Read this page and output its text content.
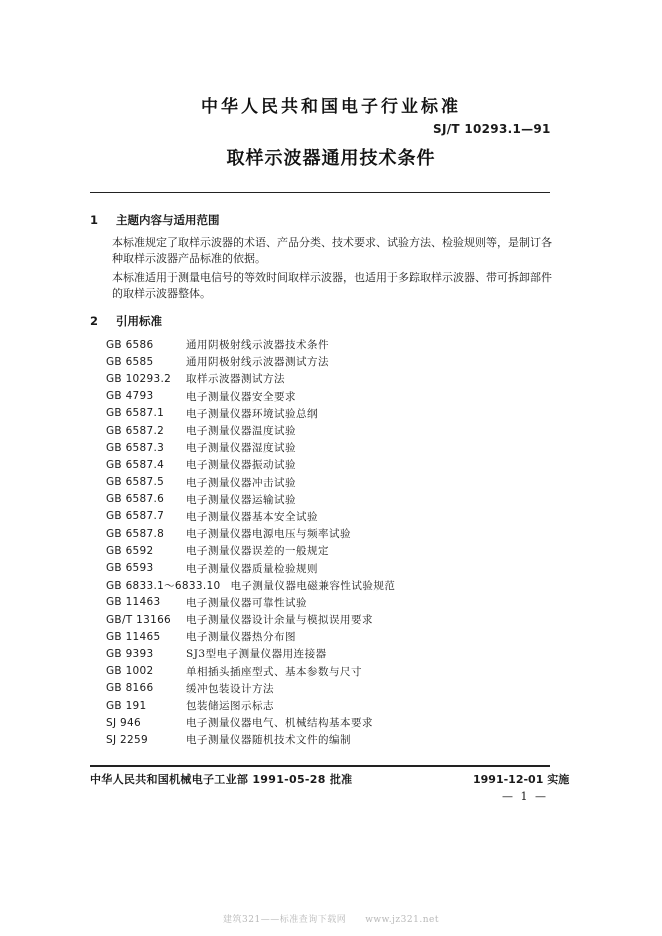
中华人民共和国电子行业标准
SJ/T 10293.1—91
取样示波器通用技术条件
1 主题内容与适用范围
本标准规定了取样示波器的术语、产品分类、技术要求、试验方法、检验规则等，是制订各种取样示波器产品标准的依据。
本标准适用于测量电信号的等效时间取样示波器，也适用于多踪取样示波器、带可拆卸部件的取样示波器整体。
2 引用标准
GB 6586	通用阴极射线示波器技术条件
GB 6585	通用阴极射线示波器测试方法
GB 10293.2	取样示波器测试方法
GB 4793	电子测量仪器安全要求
GB 6587.1	电子测量仪器环境试验总纲
GB 6587.2	电子测量仪器温度试验
GB 6587.3	电子测量仪器湿度试验
GB 6587.4	电子测量仪器振动试验
GB 6587.5	电子测量仪器冲击试验
GB 6587.6	电子测量仪器运输试验
GB 6587.7	电子测量仪器基本安全试验
GB 6587.8	电子测量仪器电源电压与频率试验
GB 6592	电子测量仪器误差的一般规定
GB 6593	电子测量仪器质量检验规则
GB 6833.1～6833.10 电子测量仪器电磁兼容性试验规范
GB 11463	电子测量仪器可靠性试验
GB/T 13166	电子测量仪器设计余量与模拟误用要求
GB 11465	电子测量仪器热分布图
GB 9393	SJ3型电子测量仪器用连接器
GB 1002	单相插头插座型式、基本参数与尺寸
GB 8166	缓冲包装设计方法
GB 191	包装储运图示标志
SJ 946	电子测量仪器电气、机械结构基本要求
SJ 2259	电子测量仪器随机技术文件的编制
中华人民共和国机械电子工业部 1991-05-28 批准	1991-12-01 实施
— 1 —
建筑321——标准查询下载网　　www.jz321.net
